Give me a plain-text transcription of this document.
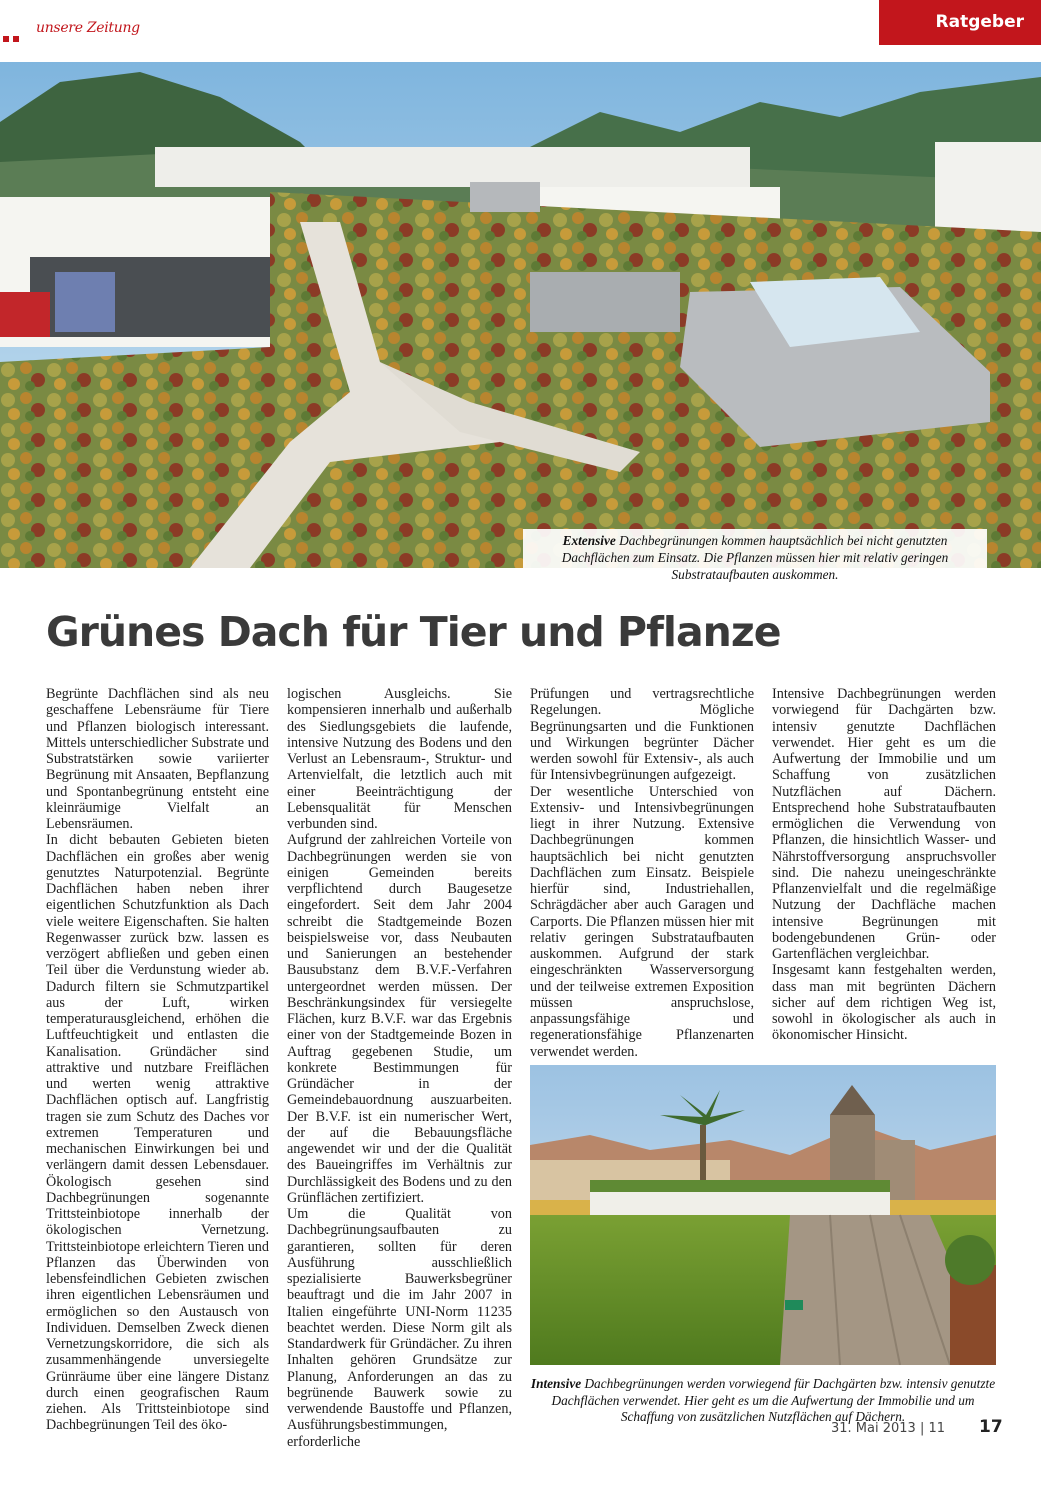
unsere Zeitung	Ratgeber
Extensive Dachbegrünungen kommen hauptsächlich bei nicht genutzten Dachflächen zum Einsatz. Die Pflanzen müssen hier mit relativ geringen Substrataufbauten auskommen.
Grünes Dach für Tier und Pflanze

Begrünte Dachflächen sind als neu geschaffene Lebensräume für Tiere und Pflanzen biologisch interessant. Mittels unterschiedlicher Substrate und Substratstärken sowie variierter Begrünung mit Ansaaten, Bepflanzung und Spontanbegrünung entsteht eine kleinräumige Vielfalt an Lebensräumen.

In dicht bebauten Gebieten bieten Dachflächen ein großes aber wenig genutztes Naturpotenzial. Begrünte Dachflächen haben neben ihrer eigentlichen Schutzfunktion als Dach viele weitere Eigenschaften. Sie halten Regenwasser zurück bzw. lassen es verzögert abfließen und geben einen Teil über die Verdunstung wieder ab. Dadurch filtern sie Schmutzpartikel aus der Luft, wirken temperaturausgleichend, erhöhen die Luftfeuchtigkeit und entlasten die Kanalisation. Gründächer sind attraktive und nutzbare Freiflächen und werten wenig attraktive Dachflächen optisch auf. Langfristig tragen sie zum Schutz des Daches vor extremen Temperaturen und mechanischen Einwirkungen bei und verlängern damit dessen Lebensdauer. Ökologisch gesehen sind Dachbegrünungen sogenannte Trittsteinbiotope innerhalb der ökologischen Vernetzung. Trittsteinbiotope erleichtern Tieren und Pflanzen das Überwinden von lebensfeindlichen Gebieten zwischen ihren eigentlichen Lebensräumen und ermöglichen so den Austausch von Individuen. Demselben Zweck dienen Vernetzungskorridore, die sich als zusammenhängende unversiegelte Grünräume über eine längere Distanz durch einen geografischen Raum ziehen. Als Trittsteinbiotope sind Dachbegrünungen Teil des öko-

logischen Ausgleichs. Sie kompensieren innerhalb und außerhalb des Siedlungsgebiets die laufende, intensive Nutzung des Bodens und den Verlust an Lebensraum-, Struktur- und Artenvielfalt, die letztlich auch mit einer Beeinträchtigung der Lebensqualität für Menschen verbunden sind.

Aufgrund der zahlreichen Vorteile von Dachbegrünungen werden sie von einigen Gemeinden bereits verpflichtend durch Baugesetze eingefordert. Seit dem Jahr 2004 schreibt die Stadtgemeinde Bozen beispielsweise vor, dass Neubauten und Sanierungen an bestehender Bausubstanz dem B.V.F.-Verfahren untergeordnet werden müssen. Der Beschränkungsindex für versiegelte Flächen, kurz B.V.F. war das Ergebnis einer von der Stadtgemeinde Bozen in Auftrag gegebenen Studie, um konkrete Bestimmungen für Gründächer in der Gemeindebauordnung auszuarbeiten. Der B.V.F. ist ein numerischer Wert, der auf die Bebauungsfläche angewendet wir und der die Qualität des Baueingriffes im Verhältnis zur Durchlässigkeit des Bodens und zu den Grünflächen zertifiziert.

Um die Qualität von Dachbegrünungsaufbauten zu garantieren, sollten für deren Ausführung ausschließlich spezialisierte Bauwerksbegrüner beauftragt und die im Jahr 2007 in Italien eingeführte UNI-Norm 11235 beachtet werden. Diese Norm gilt als Standardwerk für Gründächer. Zu ihren Inhalten gehören Grundsätze zur Planung, Anforderungen an das zu begrünende Bauwerk sowie zu verwendende Baustoffe und Pflanzen, Ausführungsbestimmungen, erforderliche

Prüfungen und vertragsrechtliche Regelungen. Mögliche Begrünungsarten und die Funktionen und Wirkungen begrünter Dächer werden sowohl für Extensiv-, als auch für Intensivbegrünungen aufgezeigt.

Der wesentliche Unterschied von Extensiv- und Intensivbegrünungen liegt in ihrer Nutzung. Extensive Dachbegrünungen kommen hauptsächlich bei nicht genutzten Dachflächen zum Einsatz. Beispiele hierfür sind, Industriehallen, Schrägdächer aber auch Garagen und Carports. Die Pflanzen müssen hier mit relativ geringen Substrataufbauten auskommen. Aufgrund der stark eingeschränkten Wasserversorgung und der teilweise extremen Exposition müssen anspruchslose, anpassungsfähige und regenerationsfähige Pflanzenarten verwendet werden.

Intensive Dachbegrünungen werden vorwiegend für Dachgärten bzw. intensiv genutzte Dachflächen verwendet. Hier geht es um die Aufwertung der Immobilie und um Schaffung von zusätzlichen Nutzflächen auf Dächern. Entsprechend hohe Substrataufbauten ermöglichen die Verwendung von Pflanzen, die hinsichtlich Wasser- und Nährstoffversorgung anspruchsvoller sind. Die nahezu uneingeschränkte Pflanzenvielfalt und die regelmäßige Nutzung der Dachfläche machen intensive Begrünungen mit bodengebundenen Grün- oder Gartenflächen vergleichbar.

Insgesamt kann festgehalten werden, dass man mit begrünten Dächern sicher auf dem richtigen Weg ist, sowohl in ökologischer als auch in ökonomischer Hinsicht.

Intensive Dachbegrünungen werden vorwiegend für Dachgärten bzw. intensiv genutzte Dachflächen verwendet. Hier geht es um die Aufwertung der Immobilie und um Schaffung von zusätzlichen Nutzflächen auf Dächern.
31. Mai 2013 | 11 17
